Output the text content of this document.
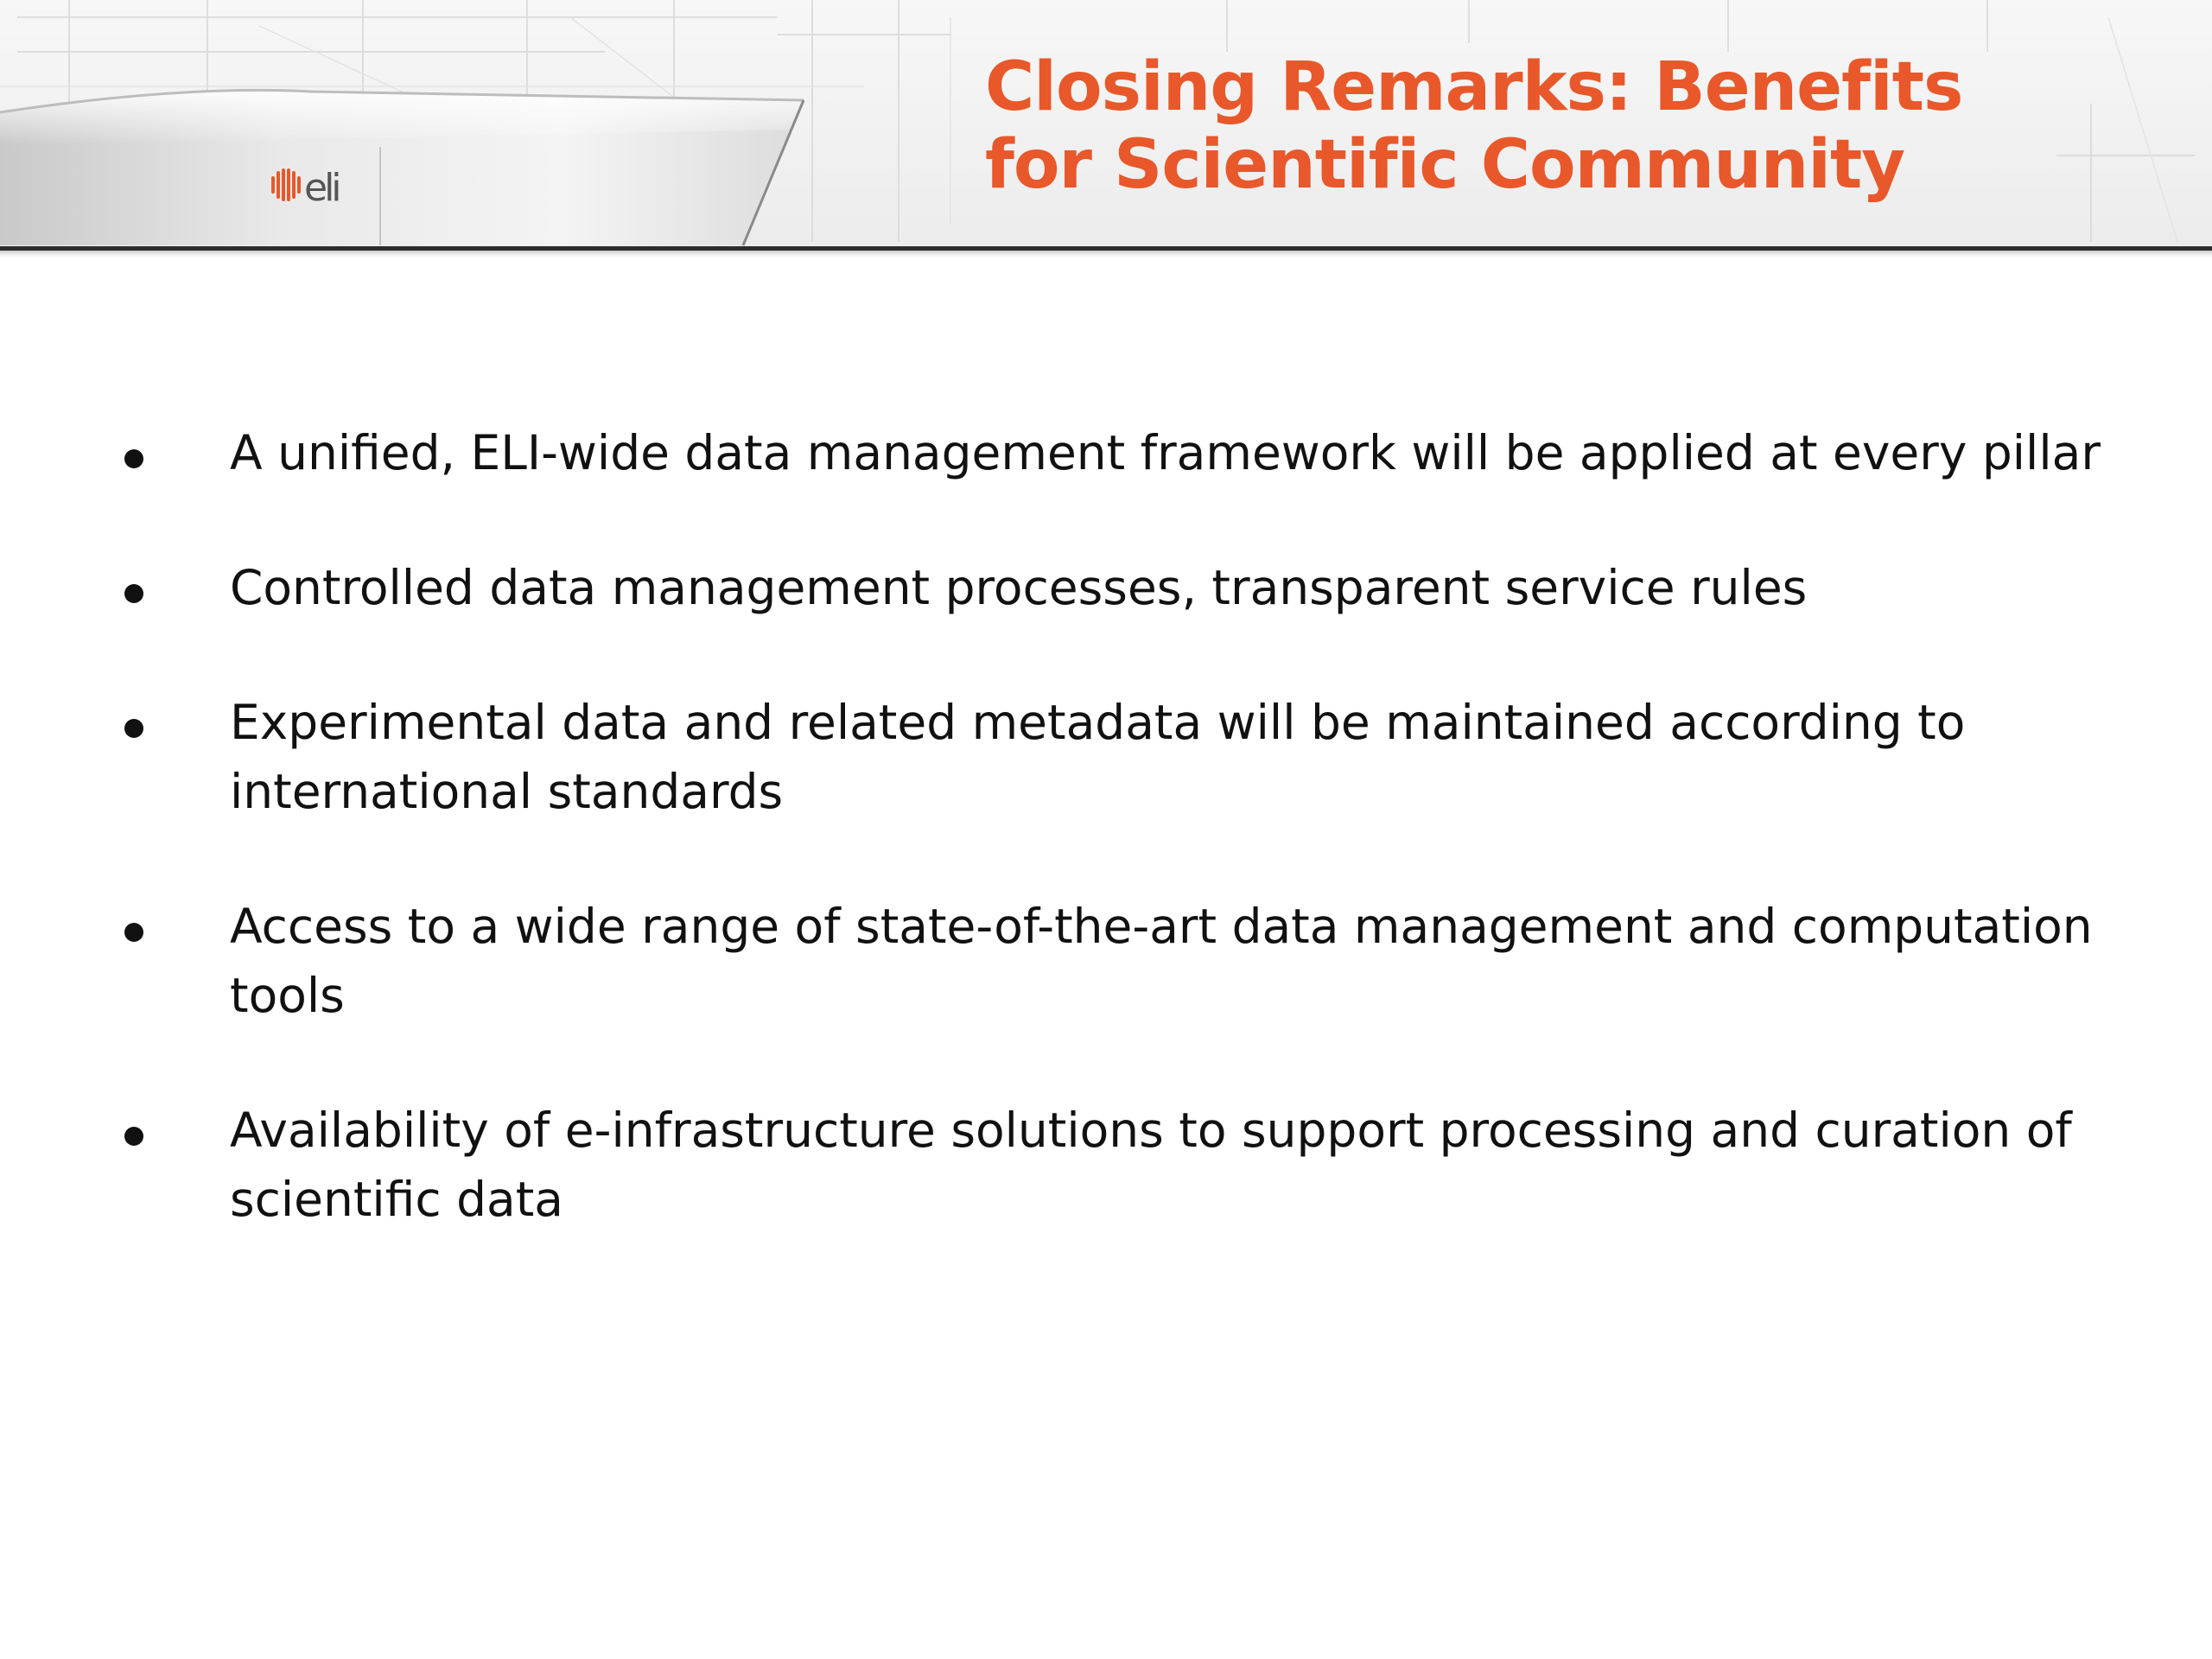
eli
Closing Remarks: Benefits
for Scientific Community
A unified, ELI-wide data management framework will be applied at every pillar
Controlled data management processes, transparent service rules
Experimental data and related metadata will be maintained according to international standards
Access to a wide range of state-of-the-art data management and computation tools
Availability of e-infrastructure solutions to support processing and curation of scientific data
